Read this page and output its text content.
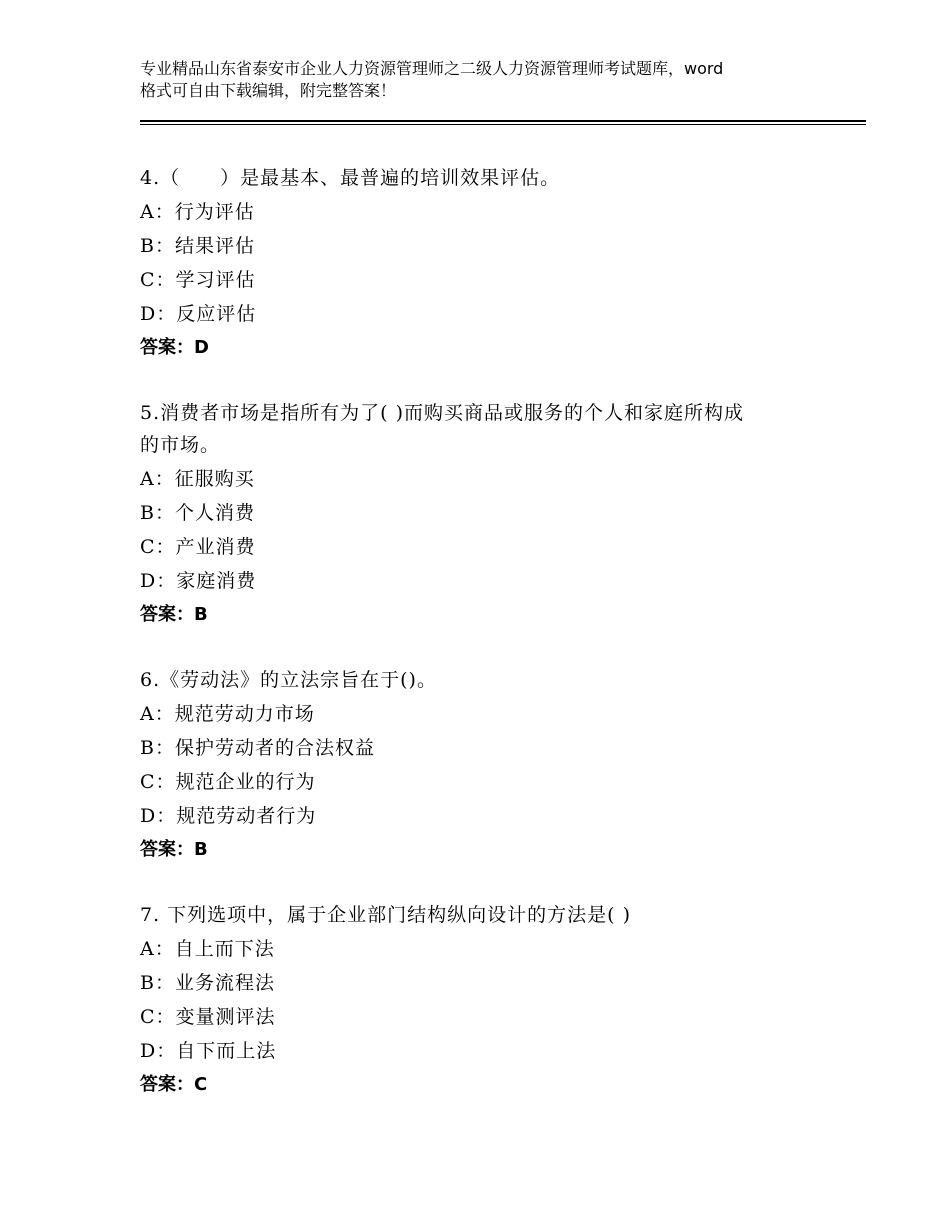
专业精品山东省泰安市企业人力资源管理师之二级人力资源管理师考试题库，word
格式可自由下载编辑，附完整答案！
4.（　　）是最基本、最普遍的培训效果评估。
A：行为评估
B：结果评估
C：学习评估
D：反应评估
答案：D
5.消费者市场是指所有为了( )而购买商品或服务的个人和家庭所构成
的市场。
A：征服购买
B：个人消费
C：产业消费
D：家庭消费
答案：B
6.《劳动法》的立法宗旨在于()。
A：规范劳动力市场
B：保护劳动者的合法权益
C：规范企业的行为
D：规范劳动者行为
答案：B
7. 下列选项中，属于企业部门结构纵向设计的方法是( )
A：自上而下法
B：业务流程法
C：变量测评法
D：自下而上法
答案：C
